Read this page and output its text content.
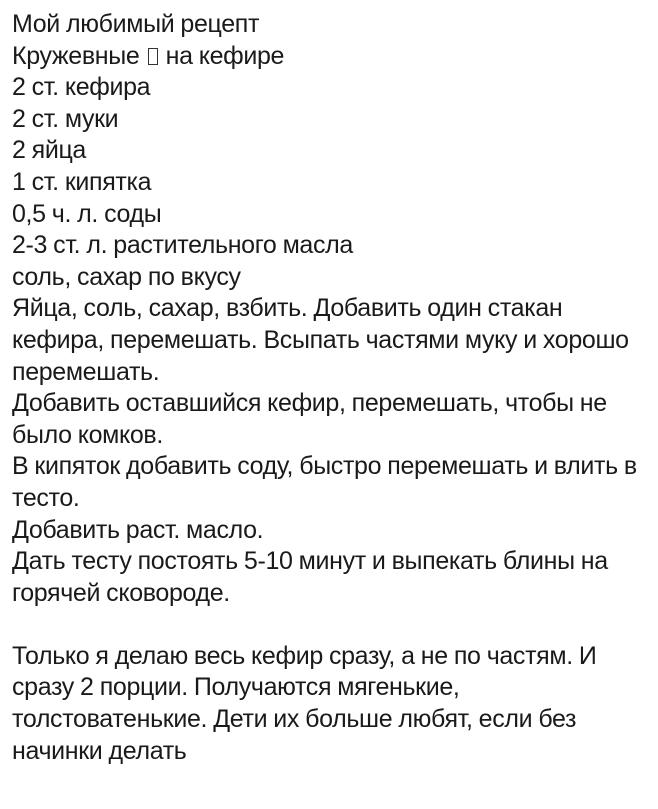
Мой любимый рецепт

Кружевные на кефире

2 ст. кефира

2 ст. муки

2 яйца

1 ст. кипятка

0,5 ч. л. соды

2-3 ст. л. растительного масла

соль, сахар по вкусу

Яйца, соль, сахар, взбить. Добавить один стакан кефира, перемешать. Всыпать частями муку и хорошо перемешать.

Добавить оставшийся кефир, перемешать, чтобы не было комков.

В кипяток добавить соду, быстро перемешать и влить в тесто.

Добавить раст. масло.

Дать тесту постоять 5-10 минут и выпекать блины на горячей сковороде.

Только я делаю весь кефир сразу, а не по частям. И сразу 2 порции. Получаются мягенькие, толстоватенькие. Дети их больше любят, если без начинки делать
